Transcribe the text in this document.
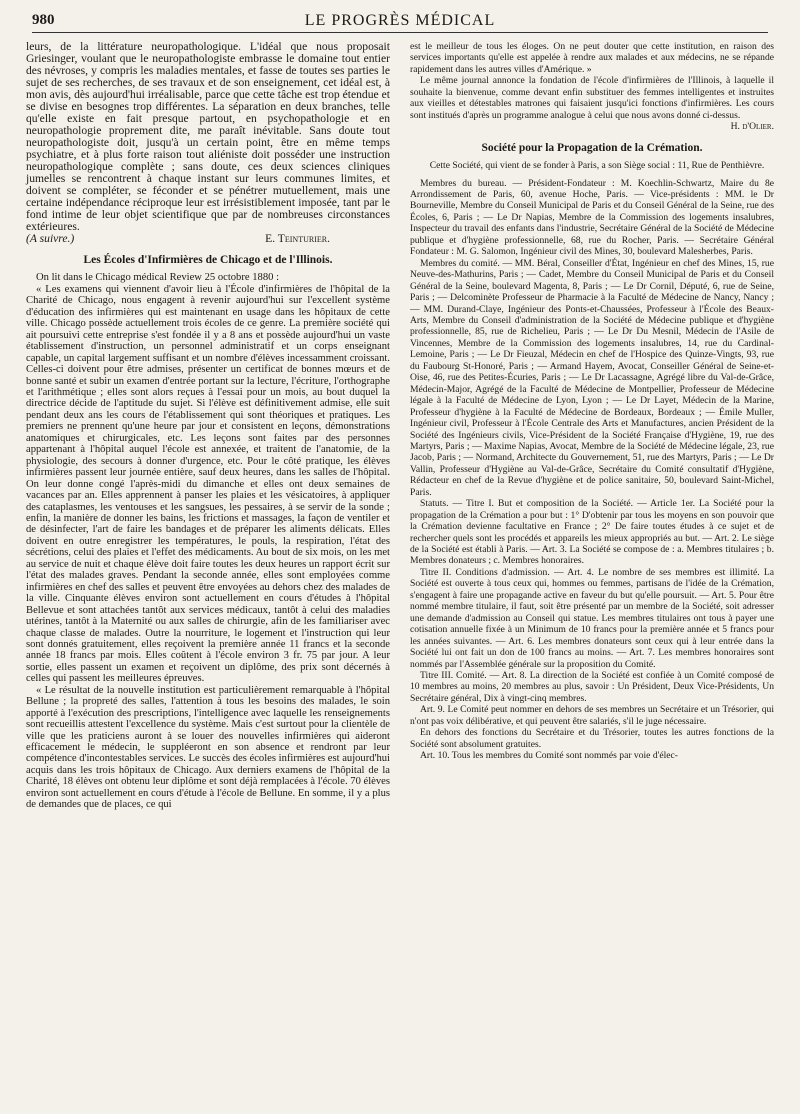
980	LE PROGRÈS MÉDICAL

leurs, de la littérature neuropathologique. L'idéal que nous proposait Griesinger, voulant que le neuropathologiste embrasse le domaine tout entier des névroses, y compris les maladies mentales, et fasse de toutes ses parties le sujet de ses recherches, de ses travaux et de son enseignement, cet idéal est, à mon avis, dès aujourd'hui irréalisable, parce que cette tâche est trop étendue et se divise en besognes trop différentes. La séparation en deux branches, telle qu'elle existe en fait presque partout, en psychopathologie et en neuropathologie proprement dite, me paraît inévitable. Sans doute tout neuropathologiste doit, jusqu'à un certain point, être en même temps psychiatre, et à plus forte raison tout aliéniste doit posséder une instruction neuropathologique complète ; sans doute, ces deux sciences cliniques jumelles se rencontrent à chaque instant sur leurs communes limites, et doivent se compléter, se féconder et se pénétrer mutuellement, mais une certaine indépendance réciproque leur est irrésistiblement imposée, tant par le fond intime de leur objet scientifique que par de nombreuses circonstances extérieures.

(A suivre.)	E. Teinturier.
Les Écoles d'Infirmières de Chicago et de l'Illinois.

On lit dans le Chicago médical Review 25 octobre 1880 :

« Les examens qui viennent d'avoir lieu à l'École d'infirmières de l'hôpital de la Charité de Chicago, nous engagent à revenir aujourd'hui sur l'excellent système d'éducation des infirmières qui est maintenant en usage dans les hôpitaux de cette ville. Chicago possède actuellement trois écoles de ce genre. La première société qui ait poursuivi cette entreprise s'est fondée il y a 8 ans et possède aujourd'hui un vaste établissement d'instruction, un personnel administratif et un corps enseignant capable, un capital largement suffisant et un nombre d'élèves incessamment croissant. Celles-ci doivent pour être admises, présenter un certificat de bonnes mœurs et de bonne santé et subir un examen d'entrée portant sur la lecture, l'écriture, l'orthographe et l'arithmétique ; elles sont alors reçues à l'essai pour un mois, au bout duquel la directrice décide de l'aptitude du sujet. Si l'élève est définitivement admise, elle suit pendant deux ans les cours de l'établissement qui sont théoriques et pratiques. Les premiers ne prennent qu'une heure par jour et consistent en leçons, démonstrations anatomiques et chirurgicales, etc. Les leçons sont faites par des personnes appartenant à l'hôpital auquel l'école est annexée, et traitent de l'anatomie, de la physiologie, des secours à donner d'urgence, etc. Pour le côté pratique, les élèves infirmières passent leur journée entière, sauf deux heures, dans les salles de l'hôpital. On leur donne congé l'après-midi du dimanche et elles ont deux semaines de vacances par an. Elles apprennent à panser les plaies et les vésicatoires, à appliquer des cataplasmes, les ventouses et les sangsues, les pessaires, à se servir de la sonde ; enfin, la manière de donner les bains, les frictions et massages, la façon de ventiler et de désinfecter, l'art de faire les bandages et de préparer les aliments délicats. Elles doivent en outre enregistrer les températures, le pouls, la respiration, l'état des sécrétions, celui des plaies et l'effet des médicaments. Au bout de six mois, on les met au service de nuit et chaque élève doit faire toutes les deux heures un rapport écrit sur l'état des malades graves. Pendant la seconde année, elles sont employées comme infirmières en chef des salles et peuvent être envoyées au dehors chez des malades de la ville. Cinquante élèves environ sont actuellement en cours d'études à l'hôpital Bellevue et sont attachées tantôt aux services médicaux, tantôt à celui des maladies utérines, tantôt à la Maternité ou aux salles de chirurgie, afin de les familiariser avec chaque classe de malades. Outre la nourriture, le logement et l'instruction qui leur sont donnés gratuitement, elles reçoivent la première année 11 francs et la seconde année 18 francs par mois. Elles coûtent à l'école environ 3 fr. 75 par jour. A leur sortie, elles passent un examen et reçoivent un diplôme, des prix sont décernés à celles qui passent les meilleures épreuves.

« Le résultat de la nouvelle institution est particulièrement remarquable à l'hôpital Bellune ; la propreté des salles, l'attention à tous les besoins des malades, le soin apporté à l'exécution des prescriptions, l'intelligence avec laquelle les renseignements sont recueillis attestent l'excellence du système. Mais c'est surtout pour la clientèle de ville que les praticiens auront à se louer des nouvelles infirmières qui aideront efficacement le médecin, le suppléeront en son absence et rendront par leur compétence d'incontestables services. Le succès des écoles infirmières est aujourd'hui acquis dans les trois hôpitaux de Chicago. Aux derniers examens de l'hôpital de la Charité, 18 élèves ont obtenu leur diplôme et sont déjà remplacées à l'école. 70 élèves environ sont actuellement en cours d'étude à l'école de Bellune. En somme, il y a plus de demandes que de places, ce qui

est le meilleur de tous les éloges. On ne peut douter que cette institution, en raison des services importants qu'elle est appelée à rendre aux malades et aux médecins, ne se répande rapidement dans les autres villes d'Amérique. »

Le même journal annonce la fondation de l'école d'infirmières de l'Illinois, à laquelle il souhaite la bienvenue, comme devant enfin substituer des femmes intelligentes et instruites aux vieilles et détestables matrones qui faisaient jusqu'ici fonctions d'infirmières. Les cours sont institués d'après un programme analogue à celui que nous avons donné ci-dessus.

H. d'Olier.

Société pour la Propagation de la Crémation.

Cette Société, qui vient de se fonder à Paris, a son Siège social : 11, Rue de Penthièvre.

Membres du bureau. — Président-Fondateur : M. Koechlin-Schwartz, Maire du 8e Arrondissement de Paris, 60, avenue Hoche, Paris. — Vice-présidents : MM. le Dr Bourneville, Membre du Conseil Municipal de Paris et du Conseil Général de la Seine, rue des Écoles, 6, Paris ; — Le Dr Napias, Membre de la Commission des logements insalubres, Inspecteur du travail des enfants dans l'industrie, Secrétaire Général de la Société de Médecine publique et d'hygiène professionnelle, 68, rue du Rocher, Paris. — Secrétaire Général Fondateur : M. G. Salomon, Ingénieur civil des Mines, 30, boulevard Malesherbes, Paris.

Membres du comité. — MM. Béral, Conseiller d'État, Ingénieur en chef des Mines, 15, rue Neuve-des-Mathurins, Paris ; — Cadet, Membre du Conseil Municipal de Paris et du Conseil Général de la Seine, boulevard Magenta, 8, Paris ; — Le Dr Cornil, Député, 6, rue de Seine, Paris ; — Delcominète Professeur de Pharmacie à la Faculté de Médecine de Nancy, Nancy ; — MM. Durand-Claye, Ingénieur des Ponts-et-Chaussées, Professeur à l'École des Beaux-Arts, Membre du Conseil d'administration de la Société de Médecine publique et d'hygiène professionnelle, 85, rue de Richelieu, Paris ; — Le Dr Du Mesnil, Médecin de l'Asile de Vincennes, Membre de la Commission des logements insalubres, 14, rue du Cardinal-Lemoine, Paris ; — Le Dr Fieuzal, Médecin en chef de l'Hospice des Quinze-Vingts, 93, rue du Faubourg St-Honoré, Paris ; — Armand Hayem, Avocat, Conseiller Général de Seine-et-Oise, 46, rue des Petites-Écuries, Paris ; — Le Dr Lacassagne, Agrégé libre du Val-de-Grâce, Médecin-Major, Agrégé de la Faculté de Médecine de Montpellier, Professeur de Médecine légale à la Faculté de Médecine de Lyon, Lyon ; — Le Dr Layet, Médecin de la Marine, Professeur d'hygiène à la Faculté de Médecine de Bordeaux, Bordeaux ; — Émile Muller, Ingénieur civil, Professeur à l'École Centrale des Arts et Manufactures, ancien Président de la Société des Ingénieurs civils, Vice-Président de la Société Française d'Hygiène, 19, rue des Martyrs, Paris ; — Maxime Napias, Avocat, Membre de la Société de Médecine légale, 23, rue Jacob, Paris ; — Normand, Architecte du Gouvernement, 51, rue des Martyrs, Paris ; — Le Dr Vallin, Professeur d'Hygiène au Val-de-Grâce, Secrétaire du Comité consultatif d'Hygiène, Rédacteur en chef de la Revue d'hygiène et de police sanitaire, 50, boulevard Saint-Michel, Paris.

Statuts. — Titre I. But et composition de la Société. — Article 1er. La Société pour la propagation de la Crémation a pour but : 1° D'obtenir par tous les moyens en son pouvoir que la Crémation devienne facultative en France ; 2° De faire toutes études à ce sujet et de rechercher quels sont les procédés et appareils les mieux appropriés au but. — Art. 2. Le siège de la Société est établi à Paris. — Art. 3. La Société se compose de : a. Membres titulaires ; b. Membres donateurs ; c. Membres honoraires.

Titre II. Conditions d'admission. — Art. 4. Le nombre de ses membres est illimité. La Société est ouverte à tous ceux qui, hommes ou femmes, partisans de l'idée de la Crémation, s'engagent à faire une propagande active en faveur du but qu'elle poursuit. — Art. 5. Pour être nommé membre titulaire, il faut, soit être présenté par un membre de la Société, soit adresser une demande d'admission au Conseil qui statue. Les membres titulaires ont tous à payer une cotisation annuelle fixée à un Minimum de 10 francs pour la première année et 5 francs pour les années suivantes. — Art. 6. Les membres donateurs sont ceux qui à leur entrée dans la Société lui ont fait un don de 100 francs au moins. — Art. 7. Les membres honoraires sont nommés par l'Assemblée générale sur la proposition du Comité.

Titre III. Comité. — Art. 8. La direction de la Société est confiée à un Comité composé de 10 membres au moins, 20 membres au plus, savoir : Un Président, Deux Vice-Présidents, Un Secrétaire général, Dix à vingt-cinq membres.

Art. 9. Le Comité peut nommer en dehors de ses membres un Secrétaire et un Trésorier, qui n'ont pas voix délibérative, et qui peuvent être salariés, s'il le juge nécessaire.

En dehors des fonctions du Secrétaire et du Trésorier, toutes les autres fonctions de la Société sont absolument gratuites.

Art. 10. Tous les membres du Comité sont nommés par voie d'élec-
